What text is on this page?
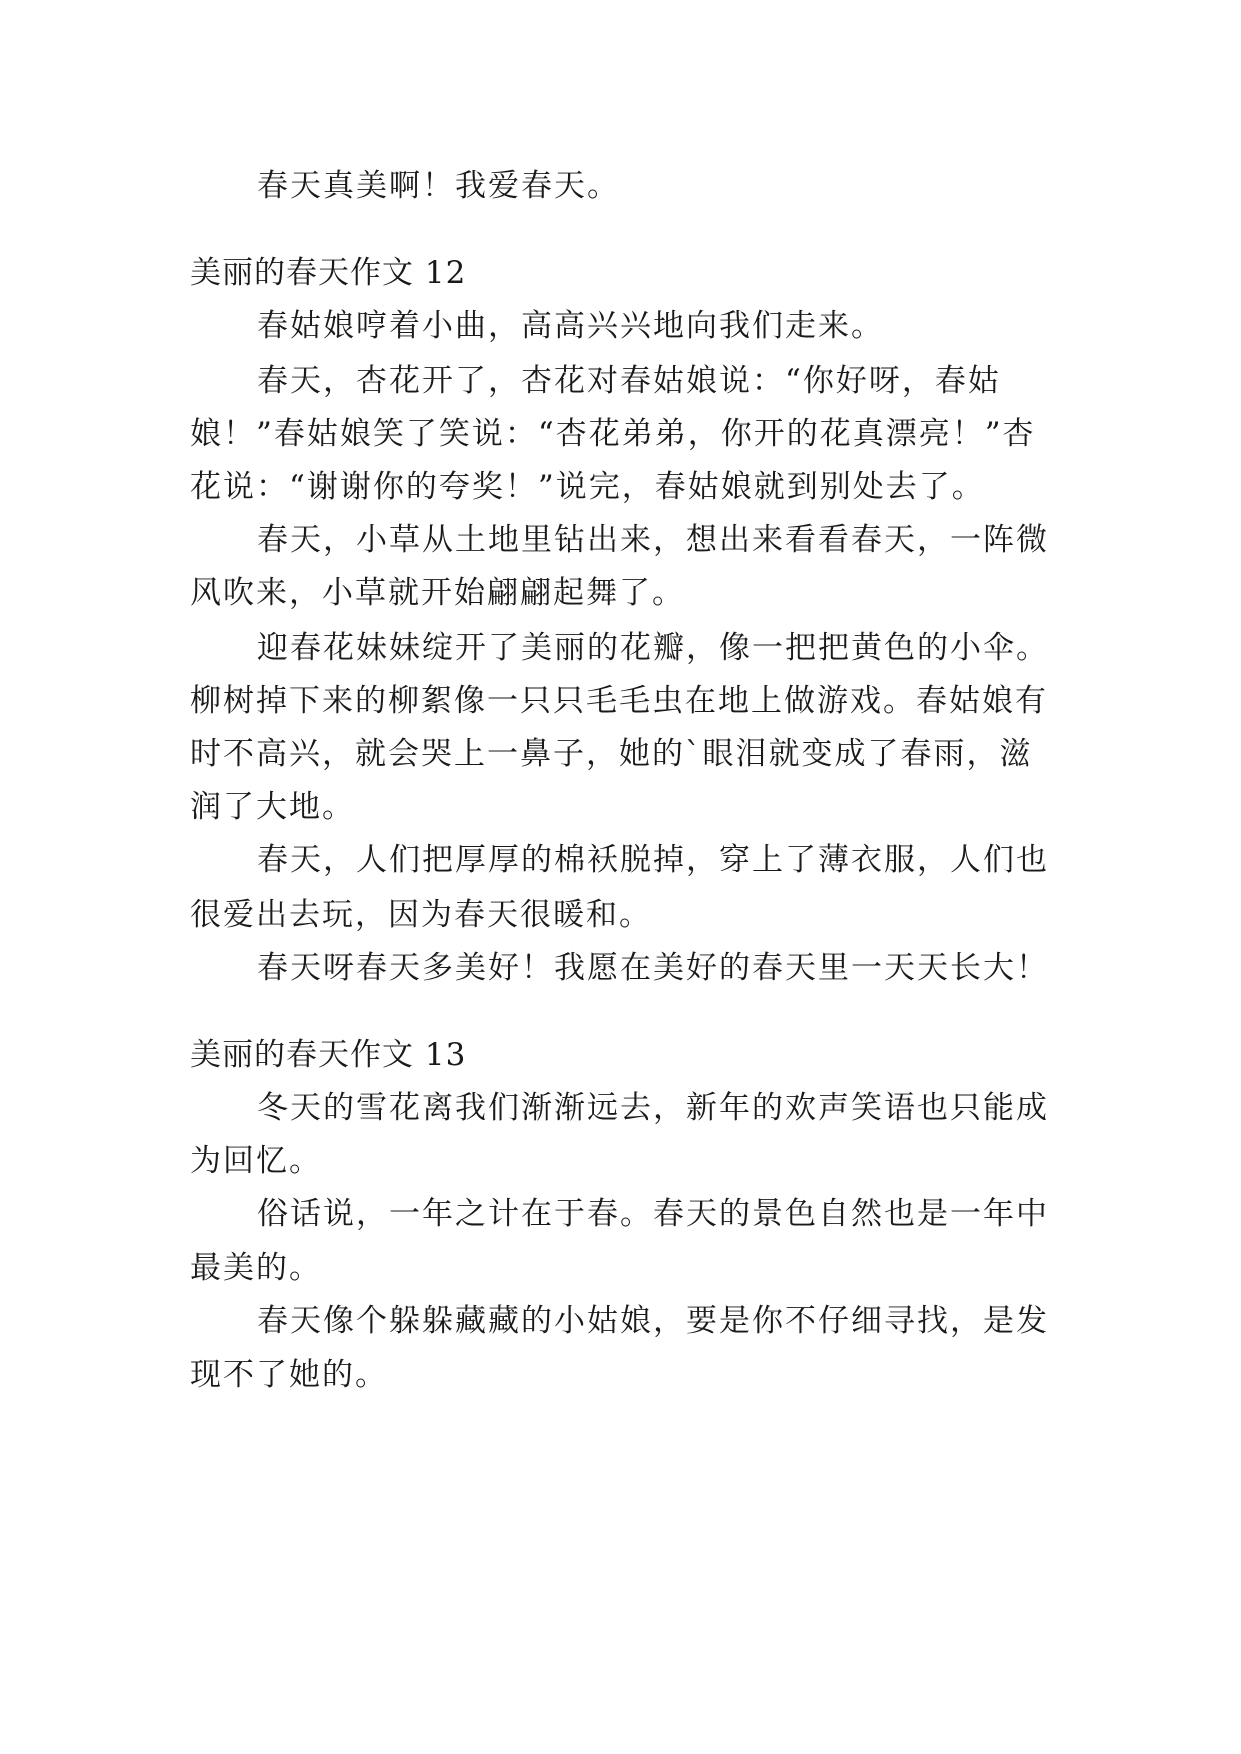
春天真美啊！我爱春天。
美丽的春天作文 12
春姑娘哼着小曲，高高兴兴地向我们走来。
春天，杏花开了，杏花对春姑娘说：“你好呀，春姑
娘！”春姑娘笑了笑说：“杏花弟弟，你开的花真漂亮！”杏
花说：“谢谢你的夸奖！”说完，春姑娘就到别处去了。
春天，小草从土地里钻出来，想出来看看春天，一阵微
风吹来，小草就开始翩翩起舞了。
迎春花妹妹绽开了美丽的花瓣，像一把把黄色的小伞。
柳树掉下来的柳絮像一只只毛毛虫在地上做游戏。春姑娘有
时不高兴，就会哭上一鼻子，她的`眼泪就变成了春雨，滋
润了大地。
春天，人们把厚厚的棉袄脱掉，穿上了薄衣服，人们也
很爱出去玩，因为春天很暖和。
春天呀春天多美好！我愿在美好的春天里一天天长大！
美丽的春天作文 13
冬天的雪花离我们渐渐远去，新年的欢声笑语也只能成
为回忆。
俗话说，一年之计在于春。春天的景色自然也是一年中
最美的。
春天像个躲躲藏藏的小姑娘，要是你不仔细寻找，是发
现不了她的。
